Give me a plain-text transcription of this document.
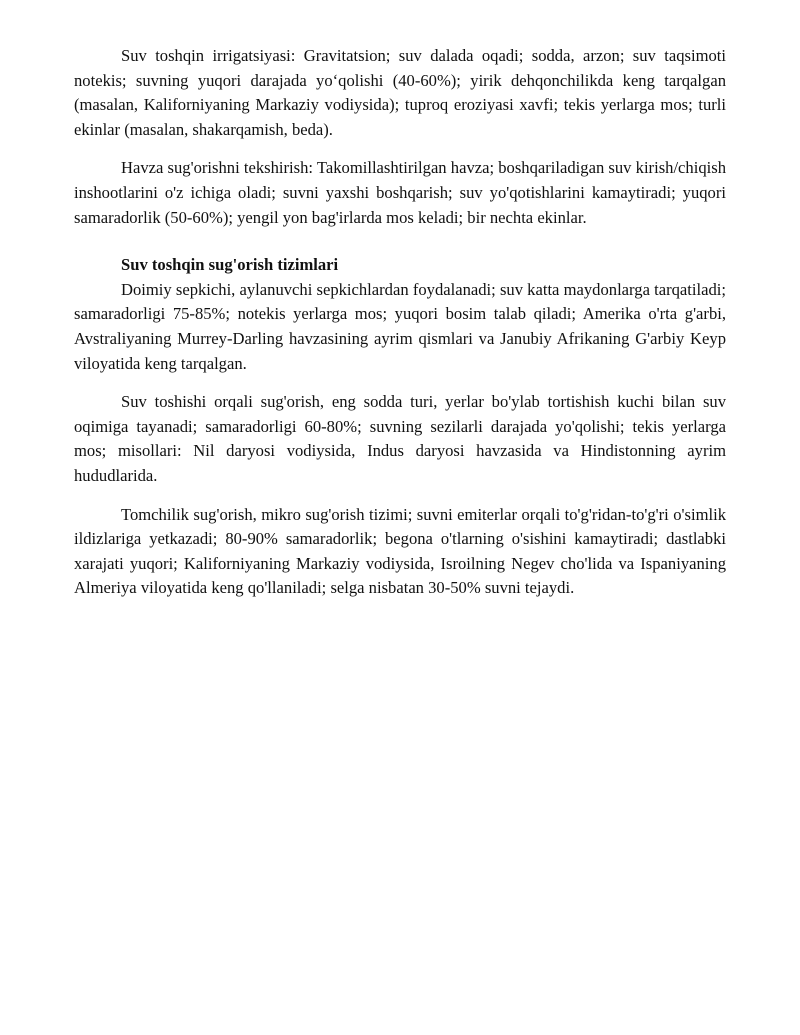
Suv toshqin irrigatsiyasi: Gravitatsion; suv dalada oqadi; sodda, arzon; suv taqsimoti notekis; suvning yuqori darajada yo‘qolishi (40-60%); yirik dehqonchilikda keng tarqalgan (masalan, Kaliforniyaning Markaziy vodiysida); tuproq eroziyasi xavfi; tekis yerlarga mos; turli ekinlar (masalan, shakarqamish, beda).

Havza sug'orishni tekshirish: Takomillashtirilgan havza; boshqariladigan suv kirish/chiqish inshootlarini o'z ichiga oladi; suvni yaxshi boshqarish; suv yo'qotishlarini kamaytiradi; yuqori samaradorlik (50-60%); yengil yon bag'irlarda mos keladi; bir nechta ekinlar.

Suv toshqin sug'orish tizimlari

Doimiy sepkichi, aylanuvchi sepkichlardan foydalanadi; suv katta maydonlarga tarqatiladi; samaradorligi 75-85%; notekis yerlarga mos; yuqori bosim talab qiladi; Amerika o'rta g'arbi, Avstraliyaning Murrey-Darling havzasining ayrim qismlari va Janubiy Afrikaning G'arbiy Keyp viloyatida keng tarqalgan.

Suv toshishi orqali sug'orish, eng sodda turi, yerlar bo'ylab tortishish kuchi bilan suv oqimiga tayanadi; samaradorligi 60-80%; suvning sezilarli darajada yo'qolishi; tekis yerlarga mos; misollari: Nil daryosi vodiysida, Indus daryosi havzasida va Hindistonning ayrim hududlarida.

Tomchilik sug'orish, mikro sug'orish tizimi; suvni emiterlar orqali to'g'ridan-to'g'ri o'simlik ildizlariga yetkazadi; 80-90% samaradorlik; begona o'tlarning o'sishini kamaytiradi; dastlabki xarajati yuqori; Kaliforniyaning Markaziy vodiysida, Isroilning Negev cho'lida va Ispaniyaning Almeriya viloyatida keng qo'llaniladi; selga nisbatan 30-50% suvni tejaydi.
